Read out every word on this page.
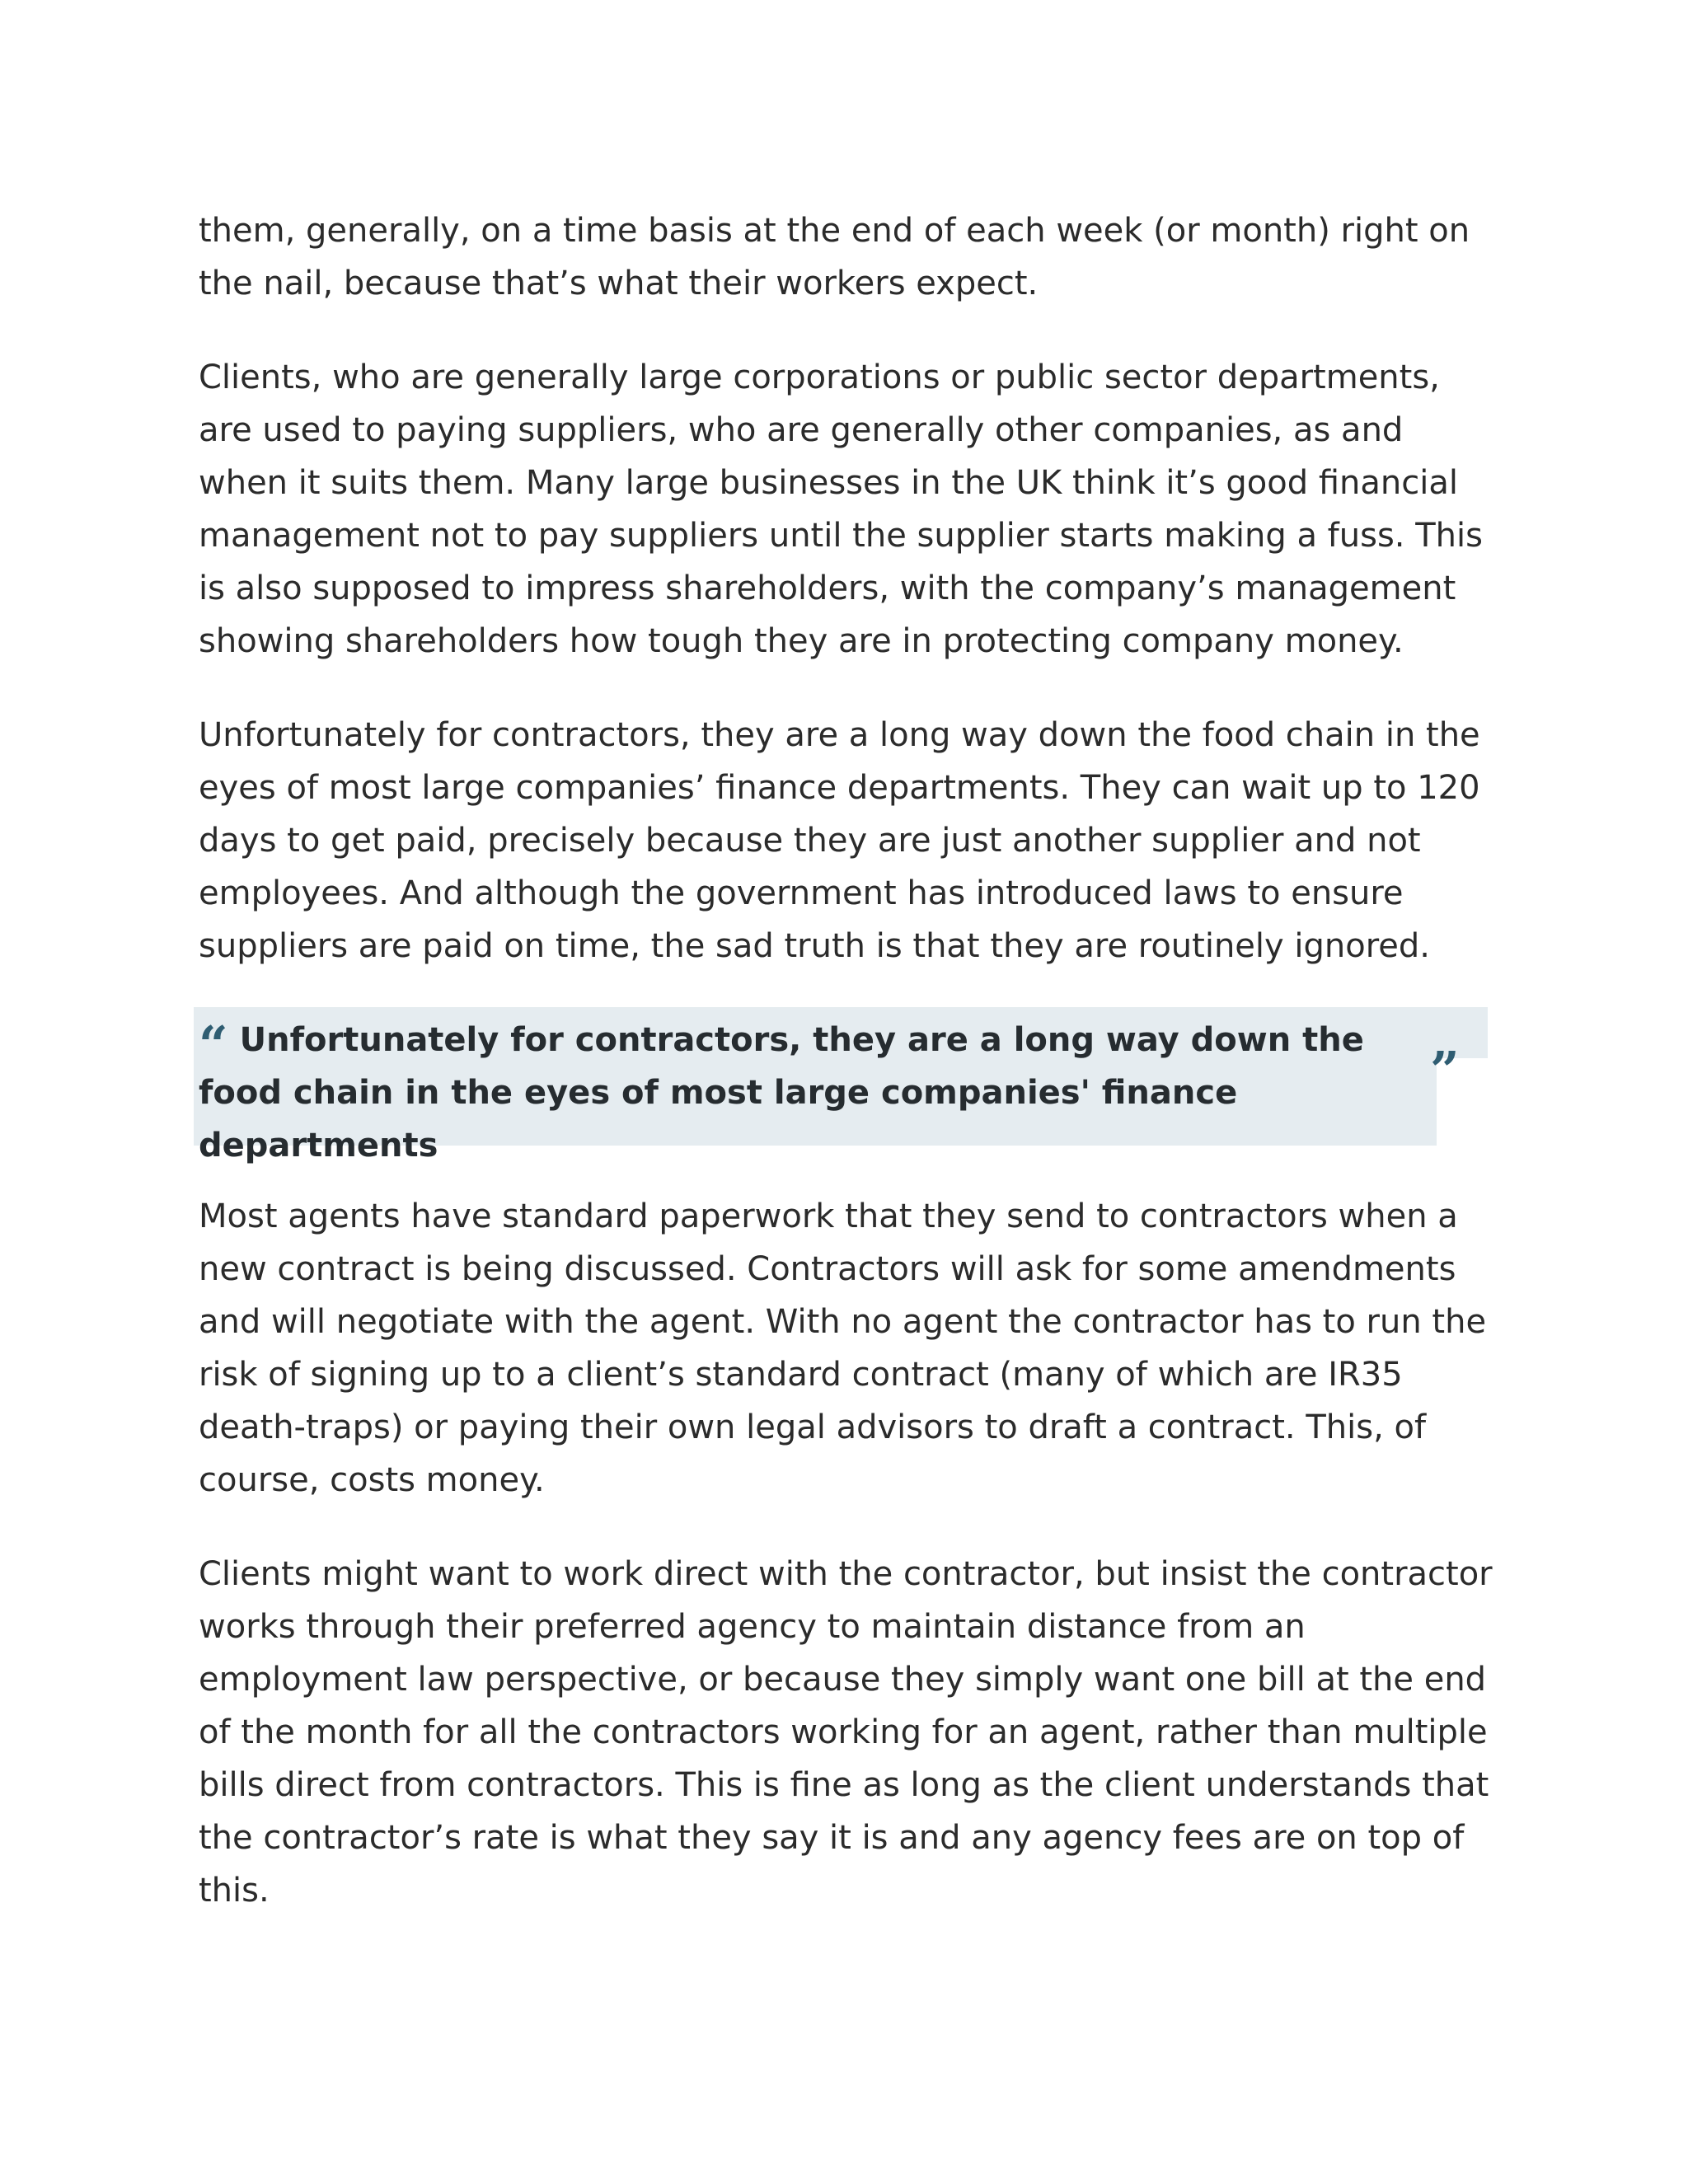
them, generally, on a time basis at the end of each week (or month) right on the nail, because that’s what their workers expect.

Clients, who are generally large corporations or public sector departments, are used to paying suppliers, who are generally other companies, as and when it suits them. Many large businesses in the UK think it’s good financial management not to pay suppliers until the supplier starts making a fuss. This is also supposed to impress shareholders, with the company’s management showing shareholders how tough they are in protecting company money.

Unfortunately for contractors, they are a long way down the food chain in the eyes of most large companies’ finance departments. They can wait up to 120 days to get paid, precisely because they are just another supplier and not employees. And although the government has introduced laws to ensure suppliers are paid on time, the sad truth is that they are routinely ignored.

“ Unfortunately for contractors, they are a long way down the food chain in the eyes of most large companies' finance departments
”

Most agents have standard paperwork that they send to contractors when a new contract is being discussed. Contractors will ask for some amendments and will negotiate with the agent. With no agent the contractor has to run the risk of signing up to a client’s standard contract (many of which are IR35 death-traps) or paying their own legal advisors to draft a contract. This, of course, costs money.

Clients might want to work direct with the contractor, but insist the contractor works through their preferred agency to maintain distance from an employment law perspective, or because they simply want one bill at the end of the month for all the contractors working for an agent, rather than multiple bills direct from contractors. This is fine as long as the client understands that the contractor’s rate is what they say it is and any agency fees are on top of this.
